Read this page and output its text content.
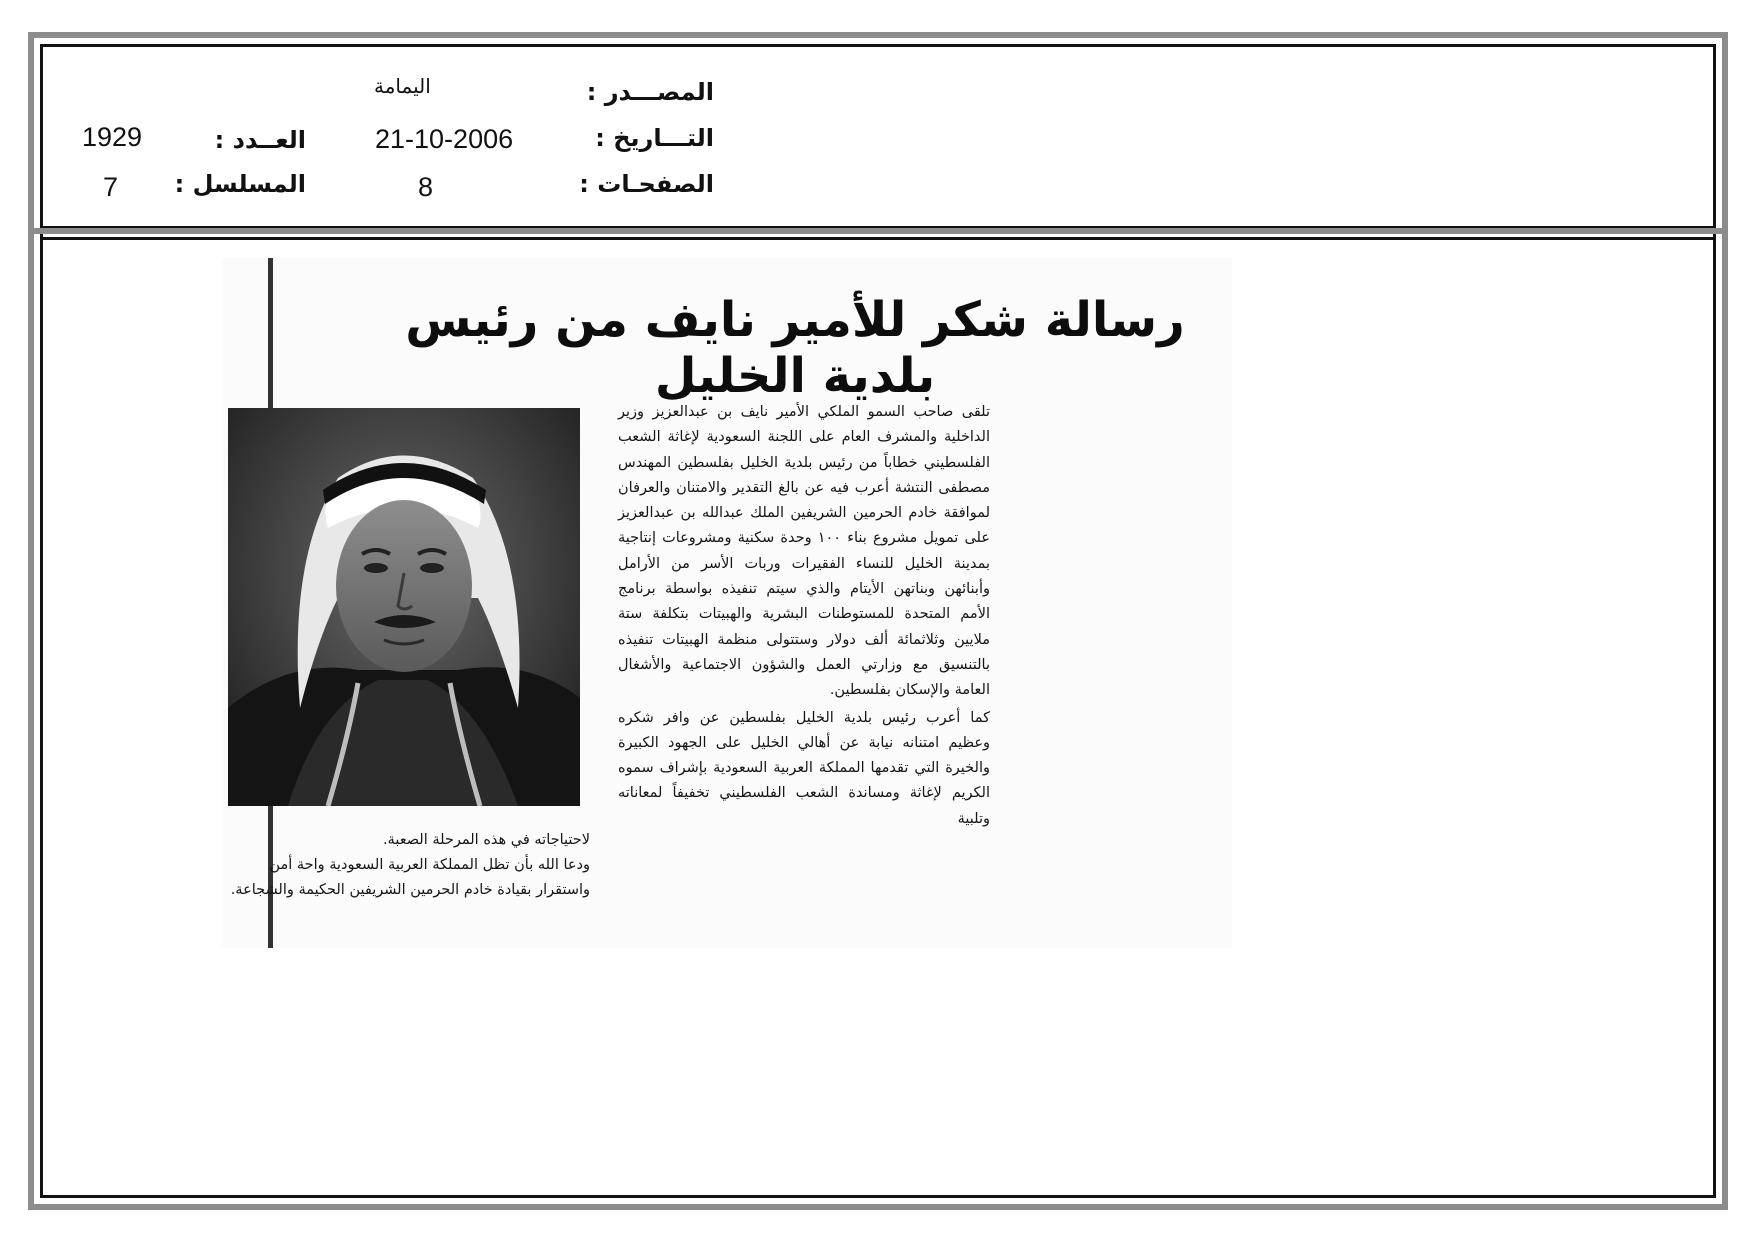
المصـــدر :
اليمامة
التـــاريخ :
21-10-2006
الصفحـات :
8
العــدد :
1929
المسلسل :
7
رسالة شكر للأمير نايف من رئيس بلدية الخليل

تلقى صاحب السمو الملكي الأمير نايف بن عبدالعزيز وزير الداخلية والمشرف العام على اللجنة السعودية لإغاثة الشعب الفلسطيني خطاباً من رئيس بلدية الخليل بفلسطين المهندس مصطفى النتشة أعرب فيه عن بالغ التقدير والامتنان والعرفان لموافقة خادم الحرمين الشريفين الملك عبدالله بن عبدالعزيز على تمويل مشروع بناء ١٠٠ وحدة سكنية ومشروعات إنتاجية بمدينة الخليل للنساء الفقيرات وربات الأسر من الأرامل وأبنائهن وبناتهن الأيتام والذي سيتم تنفيذه بواسطة برنامج الأمم المتحدة للمستوطنات البشرية والهبيتات بتكلفة ستة ملايين وثلاثمائة ألف دولار وستتولى منظمة الهبيتات تنفيذه بالتنسيق مع وزارتي العمل والشؤون الاجتماعية والأشغال العامة والإسكان بفلسطين.

كما أعرب رئيس بلدية الخليل بفلسطين عن وافر شكره وعظيم امتنانه نيابة عن أهالي الخليل على الجهود الكبيرة والخيرة التي تقدمها المملكة العربية السعودية بإشراف سموه الكريم لإغاثة ومساندة الشعب الفلسطيني تخفيفاً لمعاناته وتلبية

لاحتياجاته في هذه المرحلة الصعبة.
ودعا الله بأن تظل المملكة العربية السعودية واحة أمن واستقرار بقيادة خادم الحرمين الشريفين الحكيمة والشجاعة.
